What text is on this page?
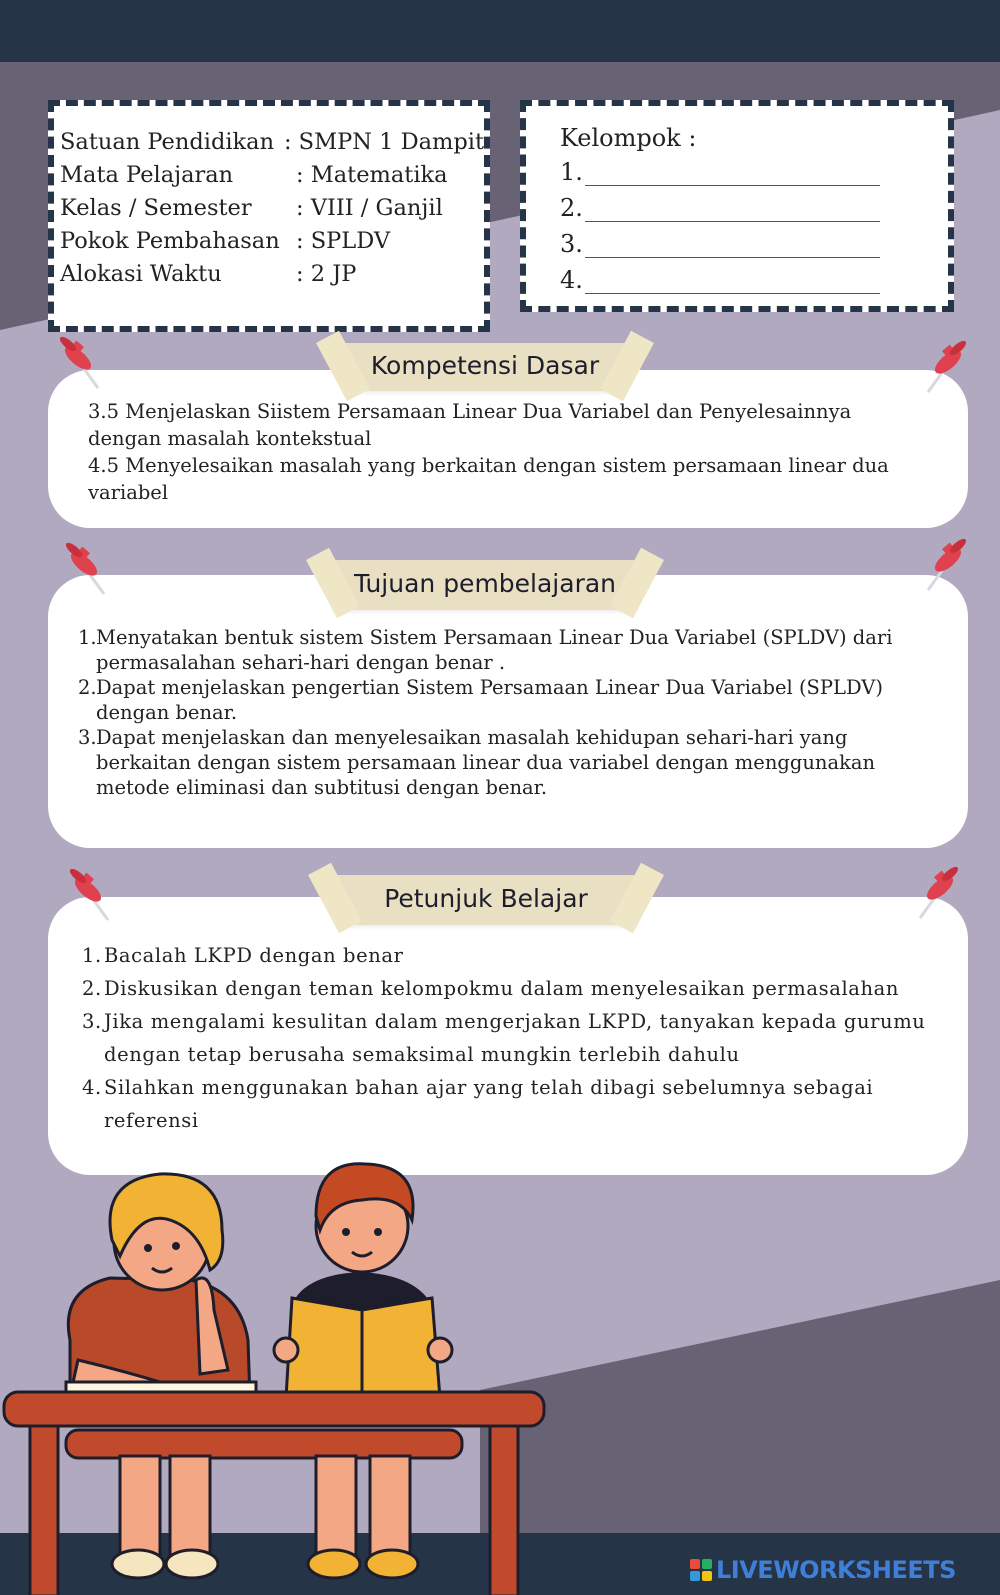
Satuan Pendidikan : SMPN 1 Dampit
Mata Pelajaran	: Matematika
Kelas / Semester	: VIII / Ganjil
Pokok Pembahasan : SPLDV
Alokasi Waktu	: 2 JP
Kelompok :
1.
2.
3.
4.
3.5 Menjelaskan Siistem Persamaan Linear Dua Variabel dan Penyelesainnya dengan masalah kontekstual
4.5 Menyelesaikan masalah yang berkaitan dengan sistem persamaan linear dua variabel
Kompetensi Dasar
1. Menyatakan bentuk sistem Sistem Persamaan Linear Dua Variabel (SPLDV) dari permasalahan sehari-hari dengan benar .
2. Dapat menjelaskan pengertian Sistem Persamaan Linear Dua Variabel (SPLDV) dengan benar.
3. Dapat menjelaskan dan menyelesaikan masalah kehidupan sehari-hari yang berkaitan dengan sistem persamaan linear dua variabel dengan menggunakan metode eliminasi dan subtitusi dengan benar.
Tujuan pembelajaran
1. Bacalah LKPD dengan benar
2. Diskusikan dengan teman kelompokmu dalam menyelesaikan permasalahan
3. Jika mengalami kesulitan dalam mengerjakan LKPD, tanyakan kepada gurumu dengan tetap berusaha semaksimal mungkin terlebih dahulu
4. Silahkan menggunakan bahan ajar yang telah dibagi sebelumnya sebagai referensi
Petunjuk Belajar
LIVEWORKSHEETS
